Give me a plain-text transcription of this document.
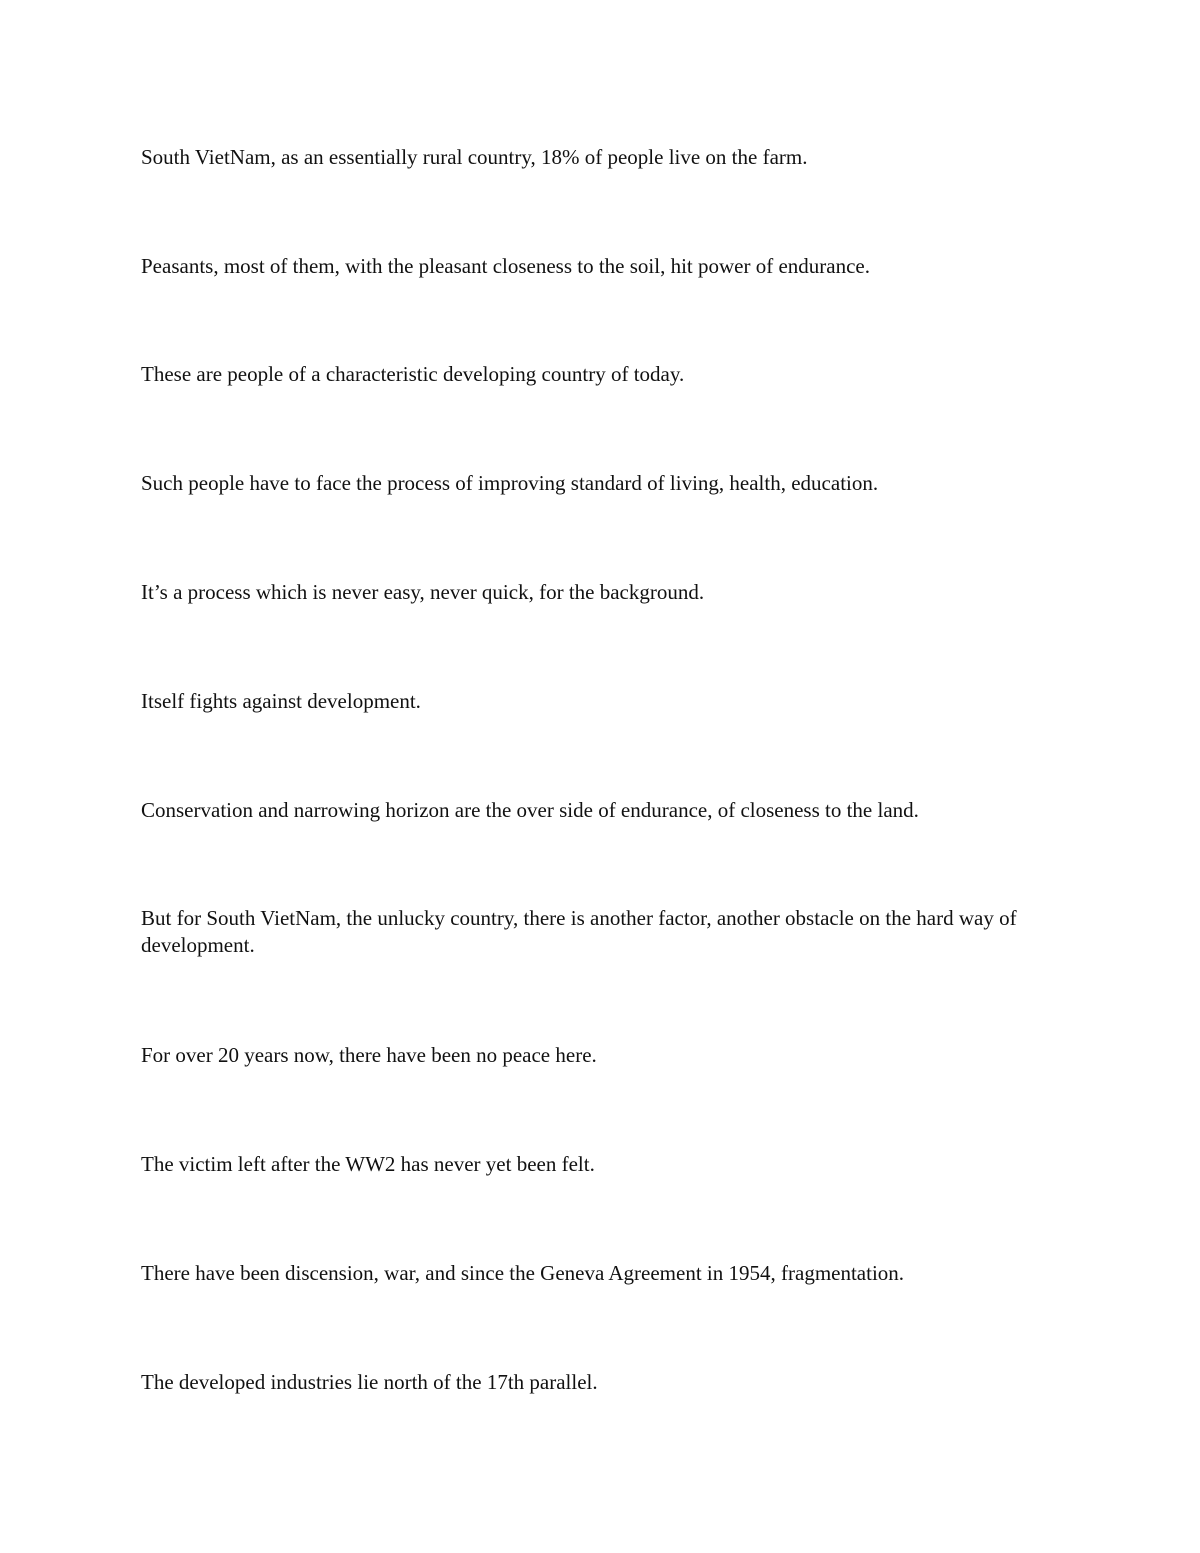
South VietNam, as an essentially rural country, 18% of people live on the farm.

Peasants, most of them, with the pleasant closeness to the soil, hit power of endurance.

These are people of a characteristic developing country of today.

Such people have to face the process of improving standard of living, health, education.

It’s a process which is never easy, never quick, for the background.

Itself fights against development.

Conservation and narrowing horizon are the over side of endurance, of closeness to the land.

But for South VietNam, the unlucky country, there is another factor, another obstacle on the hard way of development.

For over 20 years now, there have been no peace here.

The victim left after the WW2 has never yet been felt.

There have been discension, war, and since the Geneva Agreement in 1954, fragmentation.

The developed industries lie north of the 17th parallel.
